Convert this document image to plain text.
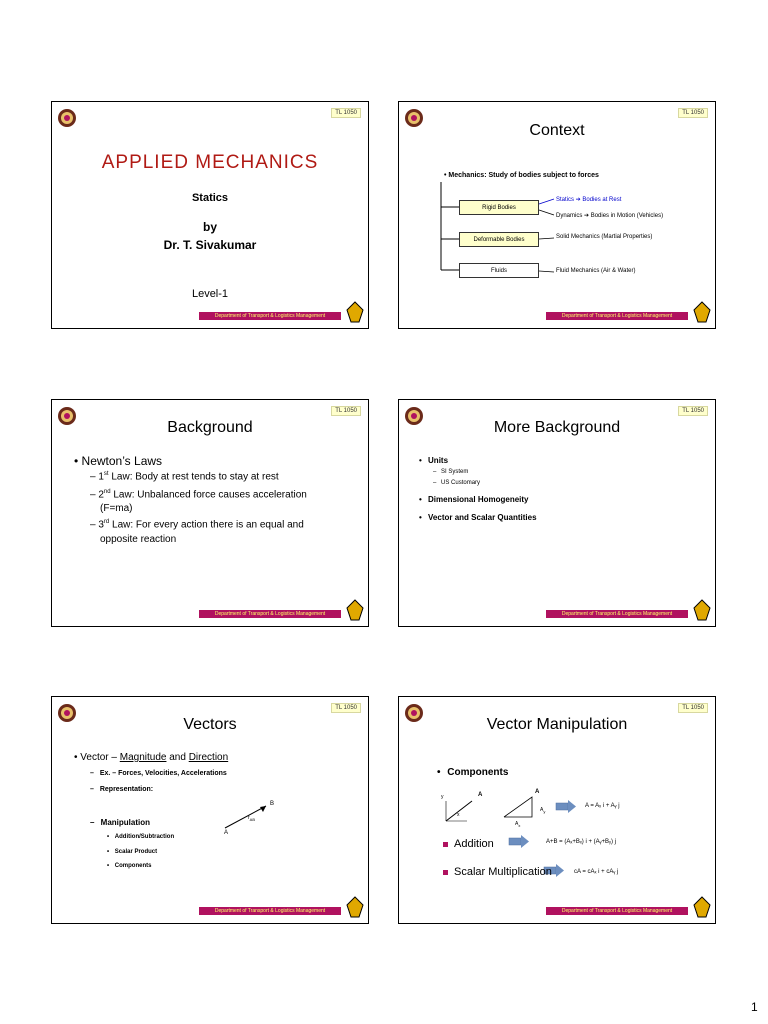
TL 1050
APPLIED MECHANICS
Statics
by
Dr. T. Sivakumar
Level-1
Department of Transport & Logistics Management
TL 1050
Context
• Mechanics: Study of bodies subject to forces
Rigid Bodies
Deformable Bodies
Fluids
Statics ➔ Bodies at Rest
Dynamics ➔ Bodies in Motion (Vehicles)
Solid Mechanics (Martial Properties)
Fluid Mechanics (Air & Water)
Department of Transport & Logistics Management
TL 1050
Background
• Newton’s Laws
– 1st Law: Body at rest tends to stay at rest
– 2nd Law: Unbalanced force causes acceleration
(F=ma)
– 3rd Law: For every action there is an equal and
opposite reaction
Department of Transport & Logistics Management
TL 1050
More Background
• Units
– SI System
– US Customary
• Dimensional Homogeneity
• Vector and Scalar Quantities
Department of Transport & Logistics Management
TL 1050
Vectors
• Vector – Magnitude and Direction
– Ex. – Forces, Velocities, Accelerations
– Representation:
– Manipulation
• Addition/Subtraction
• Scalar Product
• Components
A
B
$r_{AB}$
Department of Transport & Logistics Management
TL 1050
Vector Manipulation
• Components
y
x
A	A
$A_y$
$A_x$
A = Aₓ i + Aᵧ j
Addition	A+B = (Aₓ+Bₓ) i + (Aᵧ+Bᵧ) j
Scalar Multiplication	cA = cAₓ i + cAᵧ j
Department of Transport & Logistics Management
1
